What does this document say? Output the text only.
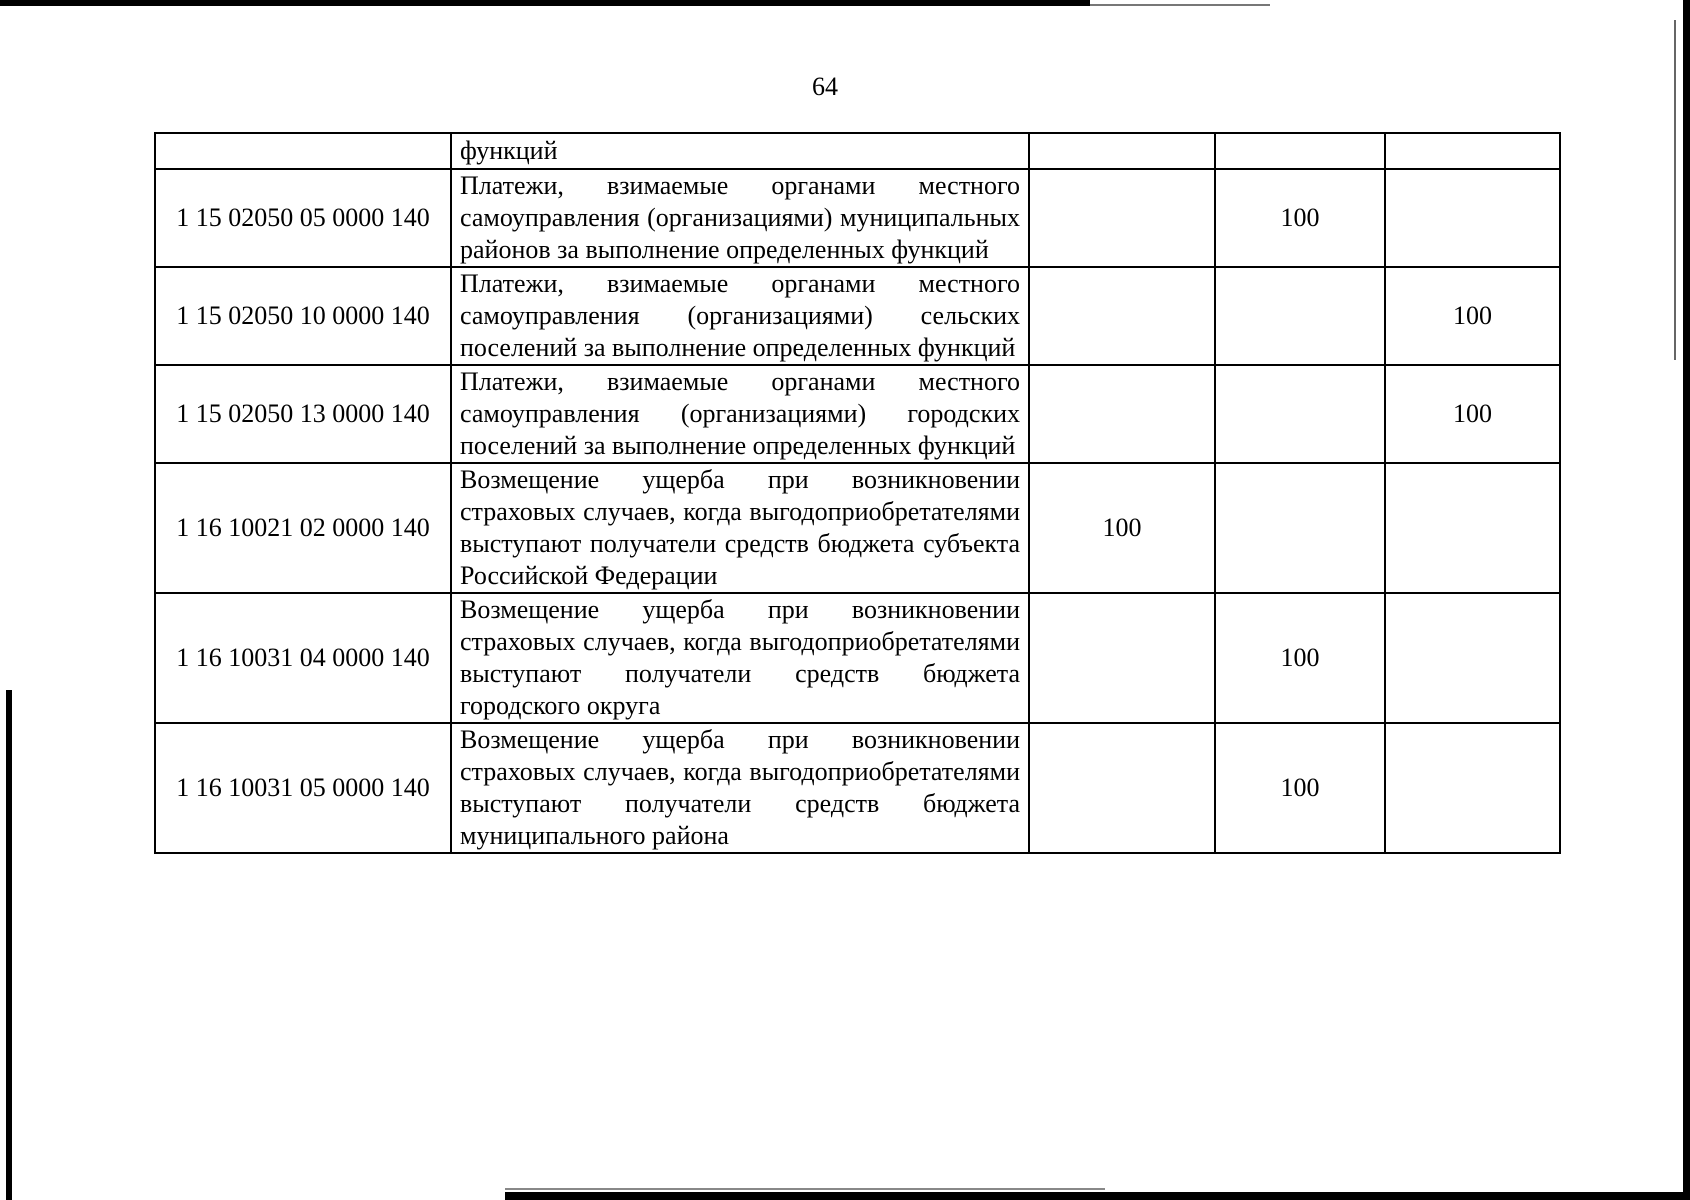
64
	функций			
1 15 02050 05 0000 140	Платежи, взимаемые органами местного самоуправления (организациями) муниципальных районов за выполнение определенных функций		100	
1 15 02050 10 0000 140	Платежи, взимаемые органами местного самоуправления (организациями) сельских поселений за выполнение определенных функций			100
1 15 02050 13 0000 140	Платежи, взимаемые органами местного самоуправления (организациями) городских поселений за выполнение определенных функций			100
1 16 10021 02 0000 140	Возмещение ущерба при возникновении страховых случаев, когда выгодоприобретателями выступают получатели средств бюджета субъекта Российской Федерации	100		
1 16 10031 04 0000 140	Возмещение ущерба при возникновении страховых случаев, когда выгодоприобретателями выступают получатели средств бюджета городского округа		100	
1 16 10031 05 0000 140	Возмещение ущерба при возникновении страховых случаев, когда выгодоприобретателями выступают получатели средств бюджета муниципального района		100	
